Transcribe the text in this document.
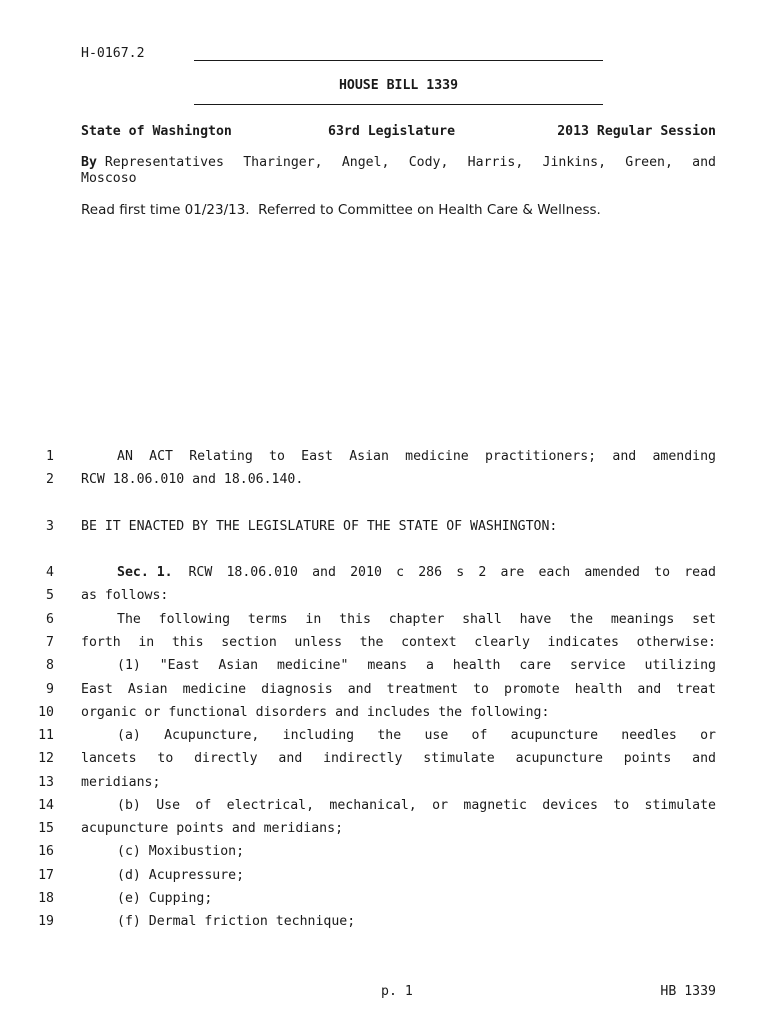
H-0167.2
HOUSE BILL 1339
State of Washington	63rd Legislature	2013 Regular Session
By
Representatives Tharinger, Angel, Cody, Harris, Jinkins, Green, and
Moscoso
Read first time 01/23/13.  Referred to Committee on Health Care & Wellness.
1	AN ACT Relating to East Asian medicine practitioners; and amending
2 RCW 18.06.010 and 18.06.140.
3 BE IT ENACTED BY THE LEGISLATURE OF THE STATE OF WASHINGTON:
4	Sec. 1.
RCW 18.06.010 and 2010 c 286 s 2 are each amended to read
5 as follows:
6	The following terms in this chapter shall have the meanings set
7 forth in this section unless the context clearly indicates otherwise:
8	(1) "East Asian medicine" means a health care service utilizing
9 East Asian medicine diagnosis and treatment to promote health and treat
10 organic or functional disorders and includes the following:
11	(a) Acupuncture, including the use of acupuncture needles or
12 lancets to directly and indirectly stimulate acupuncture points and
13 meridians;
14	(b) Use of electrical, mechanical, or magnetic devices to stimulate
15 acupuncture points and meridians;
16	(c) Moxibustion;
17	(d) Acupressure;
18	(e) Cupping;
19	(f) Dermal friction technique;
p. 1	HB 1339
